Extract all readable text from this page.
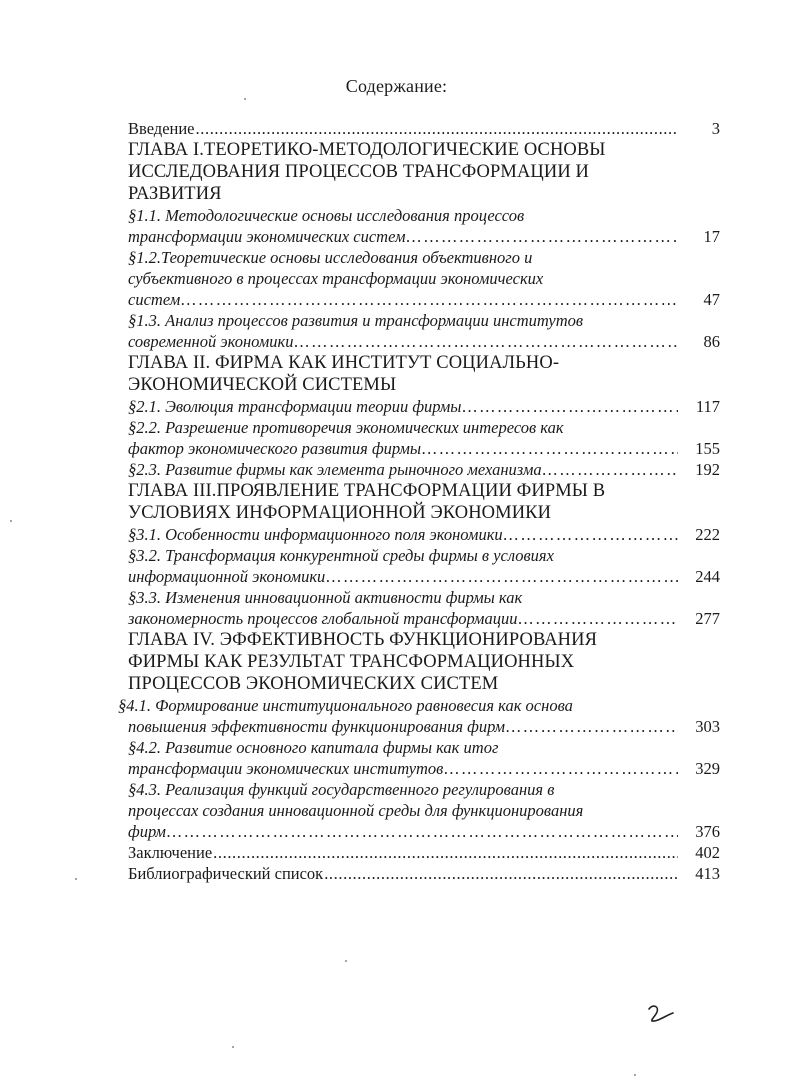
Содержание:
Введение .....	3
ГЛАВА I.ТЕОРЕТИКО-МЕТОДОЛОГИЧЕСКИЕ ОСНОВЫ
ИССЛЕДОВАНИЯ ПРОЦЕССОВ ТРАНСФОРМАЦИИ И
РАЗВИТИЯ
§1.1. Методологические основы исследования процессов
трансформации экономических систем … … … … … … … … … … … … … … … … … … … … … … … … … … … … … … … … … … … … … … … … … … … … … … … … … … … … … … … … … … … … … … … … … … … … … … … … … … … … …	17
§1.2.Теоретические основы исследования объективного и
субъективного в процессах трансформации экономических
систем … … … … … … … … … … … … … … … … … … … … … … … … … … … … … … … … … … … … … … … … … … … … … … … … … … … … … … … … … … … … … … … … … … … … … … … … … … … … …	47
§1.3. Анализ процессов развития и трансформации институтов
современной экономики … … … … … … … … … … … … … … … … … … … … … … … … … … … … … … … … … … … … … … … … … … … … … … … … … … … … … … … … … … … … … … … … … … … … … … … … … … … … …	86
ГЛАВА II. ФИРМА КАК ИНСТИТУТ СОЦИАЛЬНО-
ЭКОНОМИЧЕСКОЙ СИСТЕМЫ
§2.1. Эволюция трансформации теории фирмы … … … … … … … … … … … … … … … … … … … … … … … … … … … … … … … … … … … … … … … … … … … … … … … … … … … … … … … … … … … … … … … … … … … … … … … … … … … … …	117
§2.2. Разрешение противоречия экономических интересов как
фактор экономического развития фирмы … … … … … … … … … … … … … … … … … … … … … … … … … … … … … … … … … … … … … … … … … … … … … … … … … … … … … … … … … … … … … … … … … … … … … … … … … … … … …	155
§2.3. Развитие фирмы как элемента рыночного механизма … … … … … … … … … … … … … … … … … … … … … … … … … … … … … … … … … … … … … … … … … … … … … … … … … … … … … … … … … … … … … … … … … … … … … … … … … … … … …	192
ГЛАВА III.ПРОЯВЛЕНИЕ ТРАНСФОРМАЦИИ ФИРМЫ В
УСЛОВИЯХ ИНФОРМАЦИОННОЙ ЭКОНОМИКИ
§3.1. Особенности информационного поля экономики … … … … … … … … … … … … … … … … … … … … … … … … … … … … … … … … … … … … … … … … … … … … … … … … … … … … … … … … … … … … … … … … … … … … … … … … … … … … …	222
§3.2. Трансформация конкурентной среды фирмы в условиях
информационной экономики … … … … … … … … … … … … … … … … … … … … … … … … … … … … … … … … … … … … … … … … … … … … … … … … … … … … … … … … … … … … … … … … … … … … … … … … … … … … …	244
§3.3. Изменения инновационной активности фирмы как
закономерность процессов глобальной трансформации … … … … … … … … … … … … … … … … … … … … … … … … … … … … … … … … … … … … … … … … … … … … … … … … … … … … … … … … … … … … … … … … … … … … … … … … … … … … …	277
ГЛАВА IV. ЭФФЕКТИВНОСТЬ ФУНКЦИОНИРОВАНИЯ
ФИРМЫ КАК РЕЗУЛЬТАТ ТРАНСФОРМАЦИОННЫХ
ПРОЦЕССОВ ЭКОНОМИЧЕСКИХ СИСТЕМ
§4.1. Формирование институционального равновесия как основа
повышения эффективности функционирования фирм … … … … … … … … … … … … … … … … … … … … … … … … … … … … … … … … … … … … … … … … … … … … … … … … … … … … … … … … … … … … … … … … … … … … … … … … … … … … …	303
§4.2. Развитие основного капитала фирмы как итог
трансформации экономических институтов … … … … … … … … … … … … … … … … … … … … … … … … … … … … … … … … … … … … … … … … … … … … … … … … … … … … … … … … … … … … … … … … … … … … … … … … … … … … …	329
§4.3. Реализация функций государственного регулирования в
процессах создания инновационной среды для функционирования
фирм … … … … … … … … … … … … … … … … … … … … … … … … … … … … … … … … … … … … … … … … … … … … … … … … … … … … … … … … … … … … … … … … … … … … … … … … … … … … …	376
Заключение .....	402
Библиографический список .....	413
